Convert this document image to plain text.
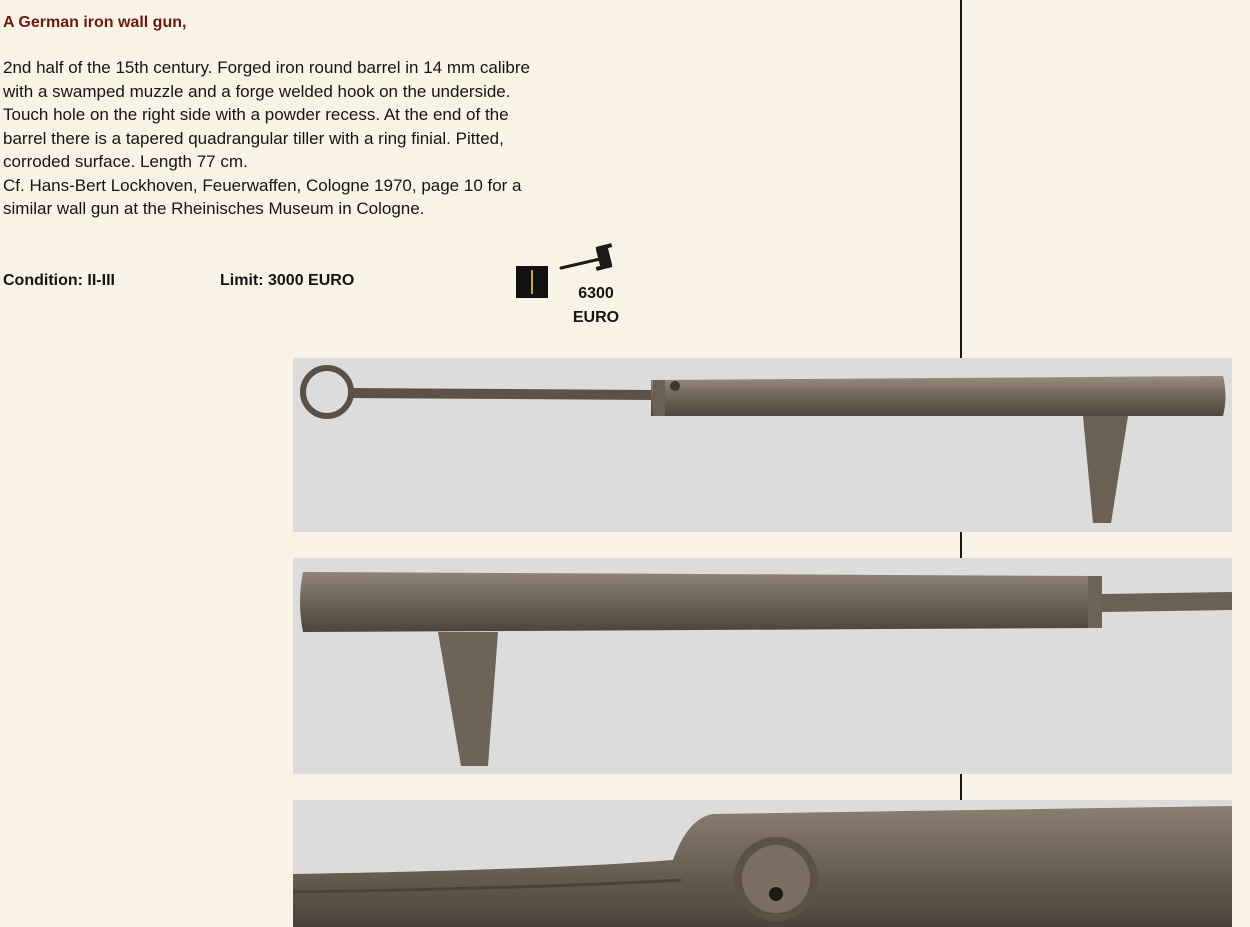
A German iron wall gun,
2nd half of the 15th century. Forged iron round barrel in 14 mm calibre
with a swamped muzzle and a forge welded hook on the underside.
Touch hole on the right side with a powder recess. At the end of the
barrel there is a tapered quadrangular tiller with a ring finial. Pitted,
corroded surface. Length 77 cm.
Cf. Hans-Bert Lockhoven, Feuerwaffen, Cologne 1970, page 10 for a
similar wall gun at the Rheinisches Museum in Cologne.
Condition: II-III	Limit: 3000 EURO
6300
EURO
